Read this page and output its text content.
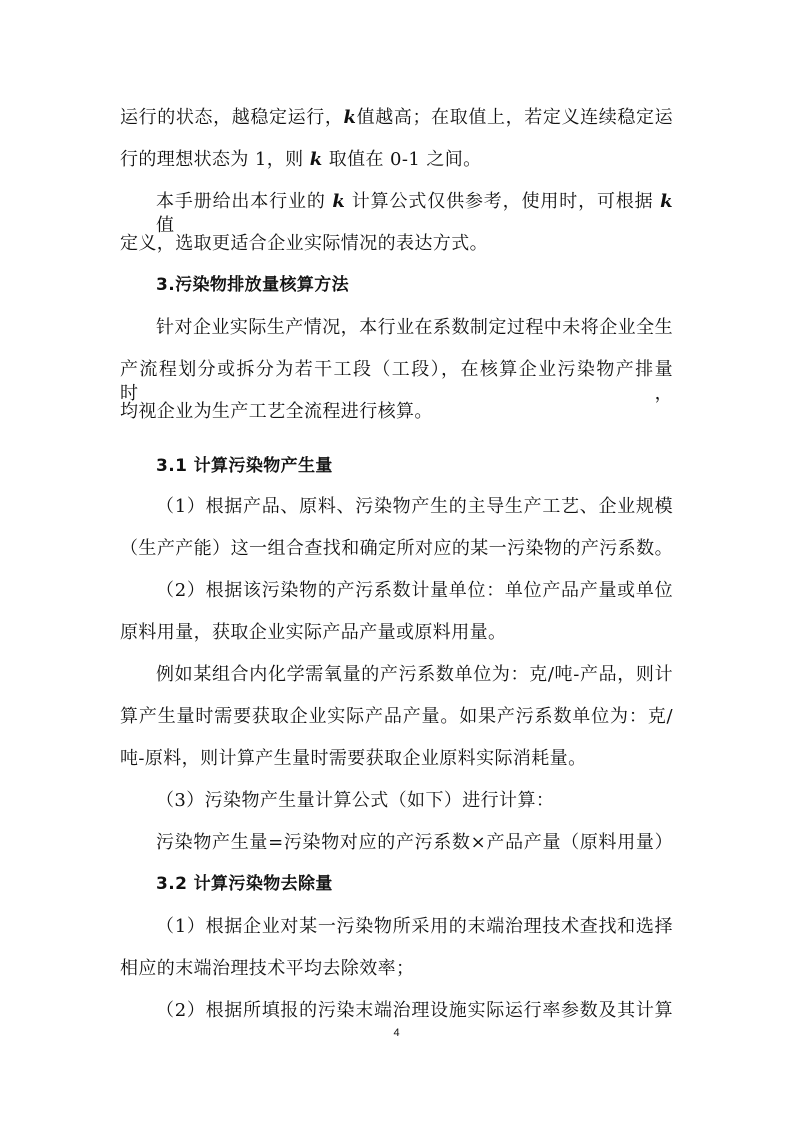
运行的状态，越稳定运行，k值越高；在取值上，若定义连续稳定运
行的理想状态为 1，则 k 取值在 0-1 之间。
本手册给出本行业的 k 计算公式仅供参考，使用时，可根据 k 值
定义，选取更适合企业实际情况的表达方式。
3.污染物排放量核算方法
针对企业实际生产情况，本行业在系数制定过程中未将企业全生
产流程划分或拆分为若干工段（工段），在核算企业污染物产排量时，
均视企业为生产工艺全流程进行核算。
3.1 计算污染物产生量
（1）根据产品、原料、污染物产生的主导生产工艺、企业规模
（生产产能）这一组合查找和确定所对应的某一污染物的产污系数。
（2）根据该污染物的产污系数计量单位：单位产品产量或单位
原料用量，获取企业实际产品产量或原料用量。
例如某组合内化学需氧量的产污系数单位为：克/吨-产品，则计
算产生量时需要获取企业实际产品产量。如果产污系数单位为：克/
吨-原料，则计算产生量时需要获取企业原料实际消耗量。
（3）污染物产生量计算公式（如下）进行计算：
污染物产生量=污染物对应的产污系数×产品产量（原料用量）
3.2 计算污染物去除量
（1）根据企业对某一污染物所采用的末端治理技术查找和选择
相应的末端治理技术平均去除效率；
（2）根据所填报的污染末端治理设施实际运行率参数及其计算
4
